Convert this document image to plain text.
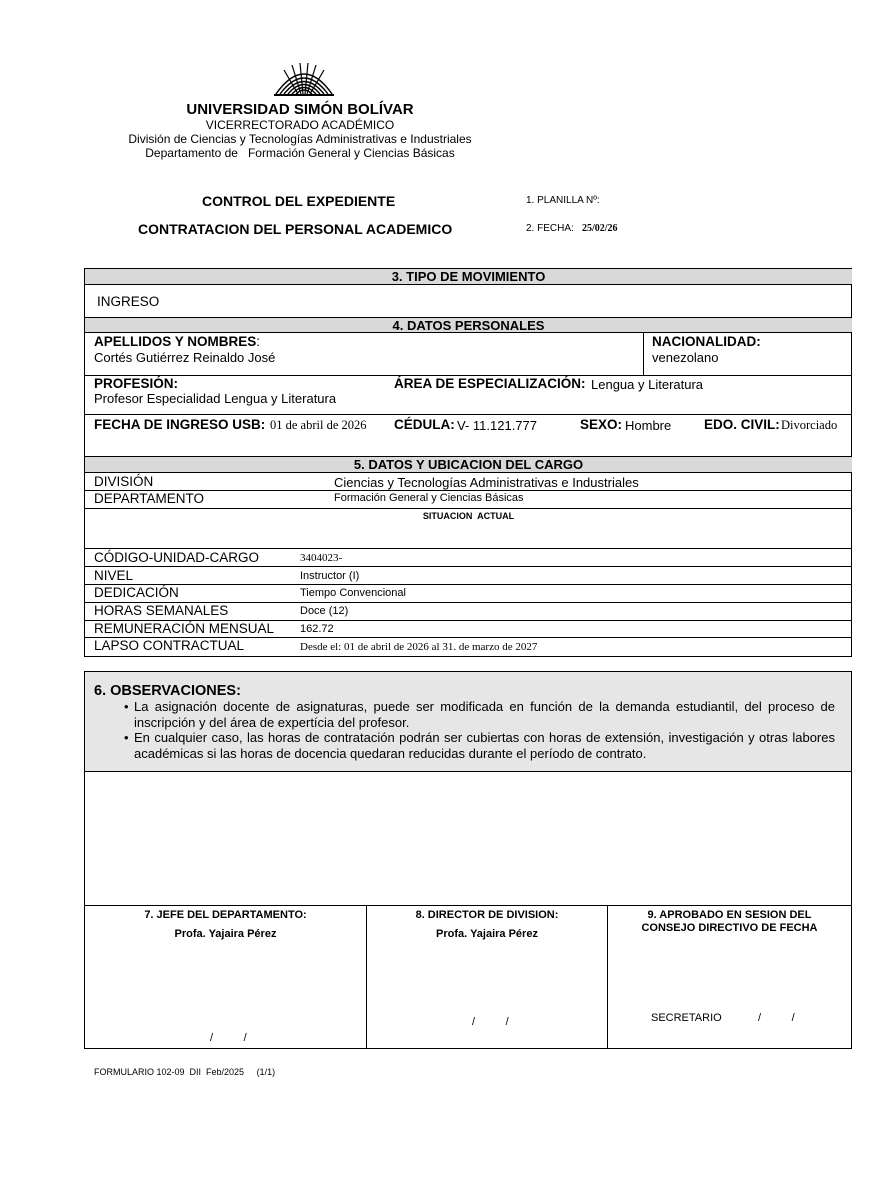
UNIVERSIDAD SIMÓN BOLÍVAR
VICERRECTORADO ACADÉMICO
División de Ciencias y Tecnologías Administrativas e Industriales
Departamento de   Formación General y Ciencias Básicas
CONTROL DEL EXPEDIENTE
CONTRATACION DEL PERSONAL ACADEMICO
1. PLANILLA Nº:
2. FECHA: 25/02/26
3. TIPO DE MOVIMIENTO
INGRESO
4. DATOS PERSONALES
APELLIDOS Y NOMBRES:
Cortés Gutiérrez Reinaldo José
NACIONALIDAD:
venezolano
PROFESIÓN:
Profesor Especialidad Lengua y Literatura
ÁREA DE ESPECIALIZACIÓN: Lengua y Literatura
FECHA DE INGRESO USB: 01 de abril de 2026 CÉDULA: V- 11.121.777	SEXO: Hombre EDO. CIVIL: Divorciado
5. DATOS Y UBICACION DEL CARGO
DIVISIÓN	Ciencias y Tecnologías Administrativas e Industriales
DEPARTAMENTO	Formación General y Ciencias Básicas
SITUACION  ACTUAL
CÓDIGO-UNIDAD-CARGO	3404023-
NIVEL	Instructor (I)
DEDICACIÓN	Tiempo Convencional
HORAS SEMANALES	Doce (12)
REMUNERACIÓN MENSUAL 162.72
LAPSO CONTRACTUAL	Desde el: 01 de abril de 2026 al 31. de marzo de 2027
6. OBSERVACIONES:
• La asignación docente de asignaturas, puede ser modificada en función de la demanda estudiantil, del proceso de inscripción y del área de expertícia del profesor.
• En cualquier caso, las horas de contratación podrán ser cubiertas con horas de extensión, investigación y otras labores académicas si las horas de docencia quedaran reducidas durante el período de contrato.
7. JEFE DEL DEPARTAMENTO:
Profa. Yajaira Pérez
/          /
8. DIRECTOR DE DIVISION:
Profa. Yajaira Pérez
/          /
9. APROBADO EN SESION DEL
CONSEJO DIRECTIVO DE FECHA
SECRETARIO	/          /
FORMULARIO 102-09  DII  Feb/2025     (1/1)
